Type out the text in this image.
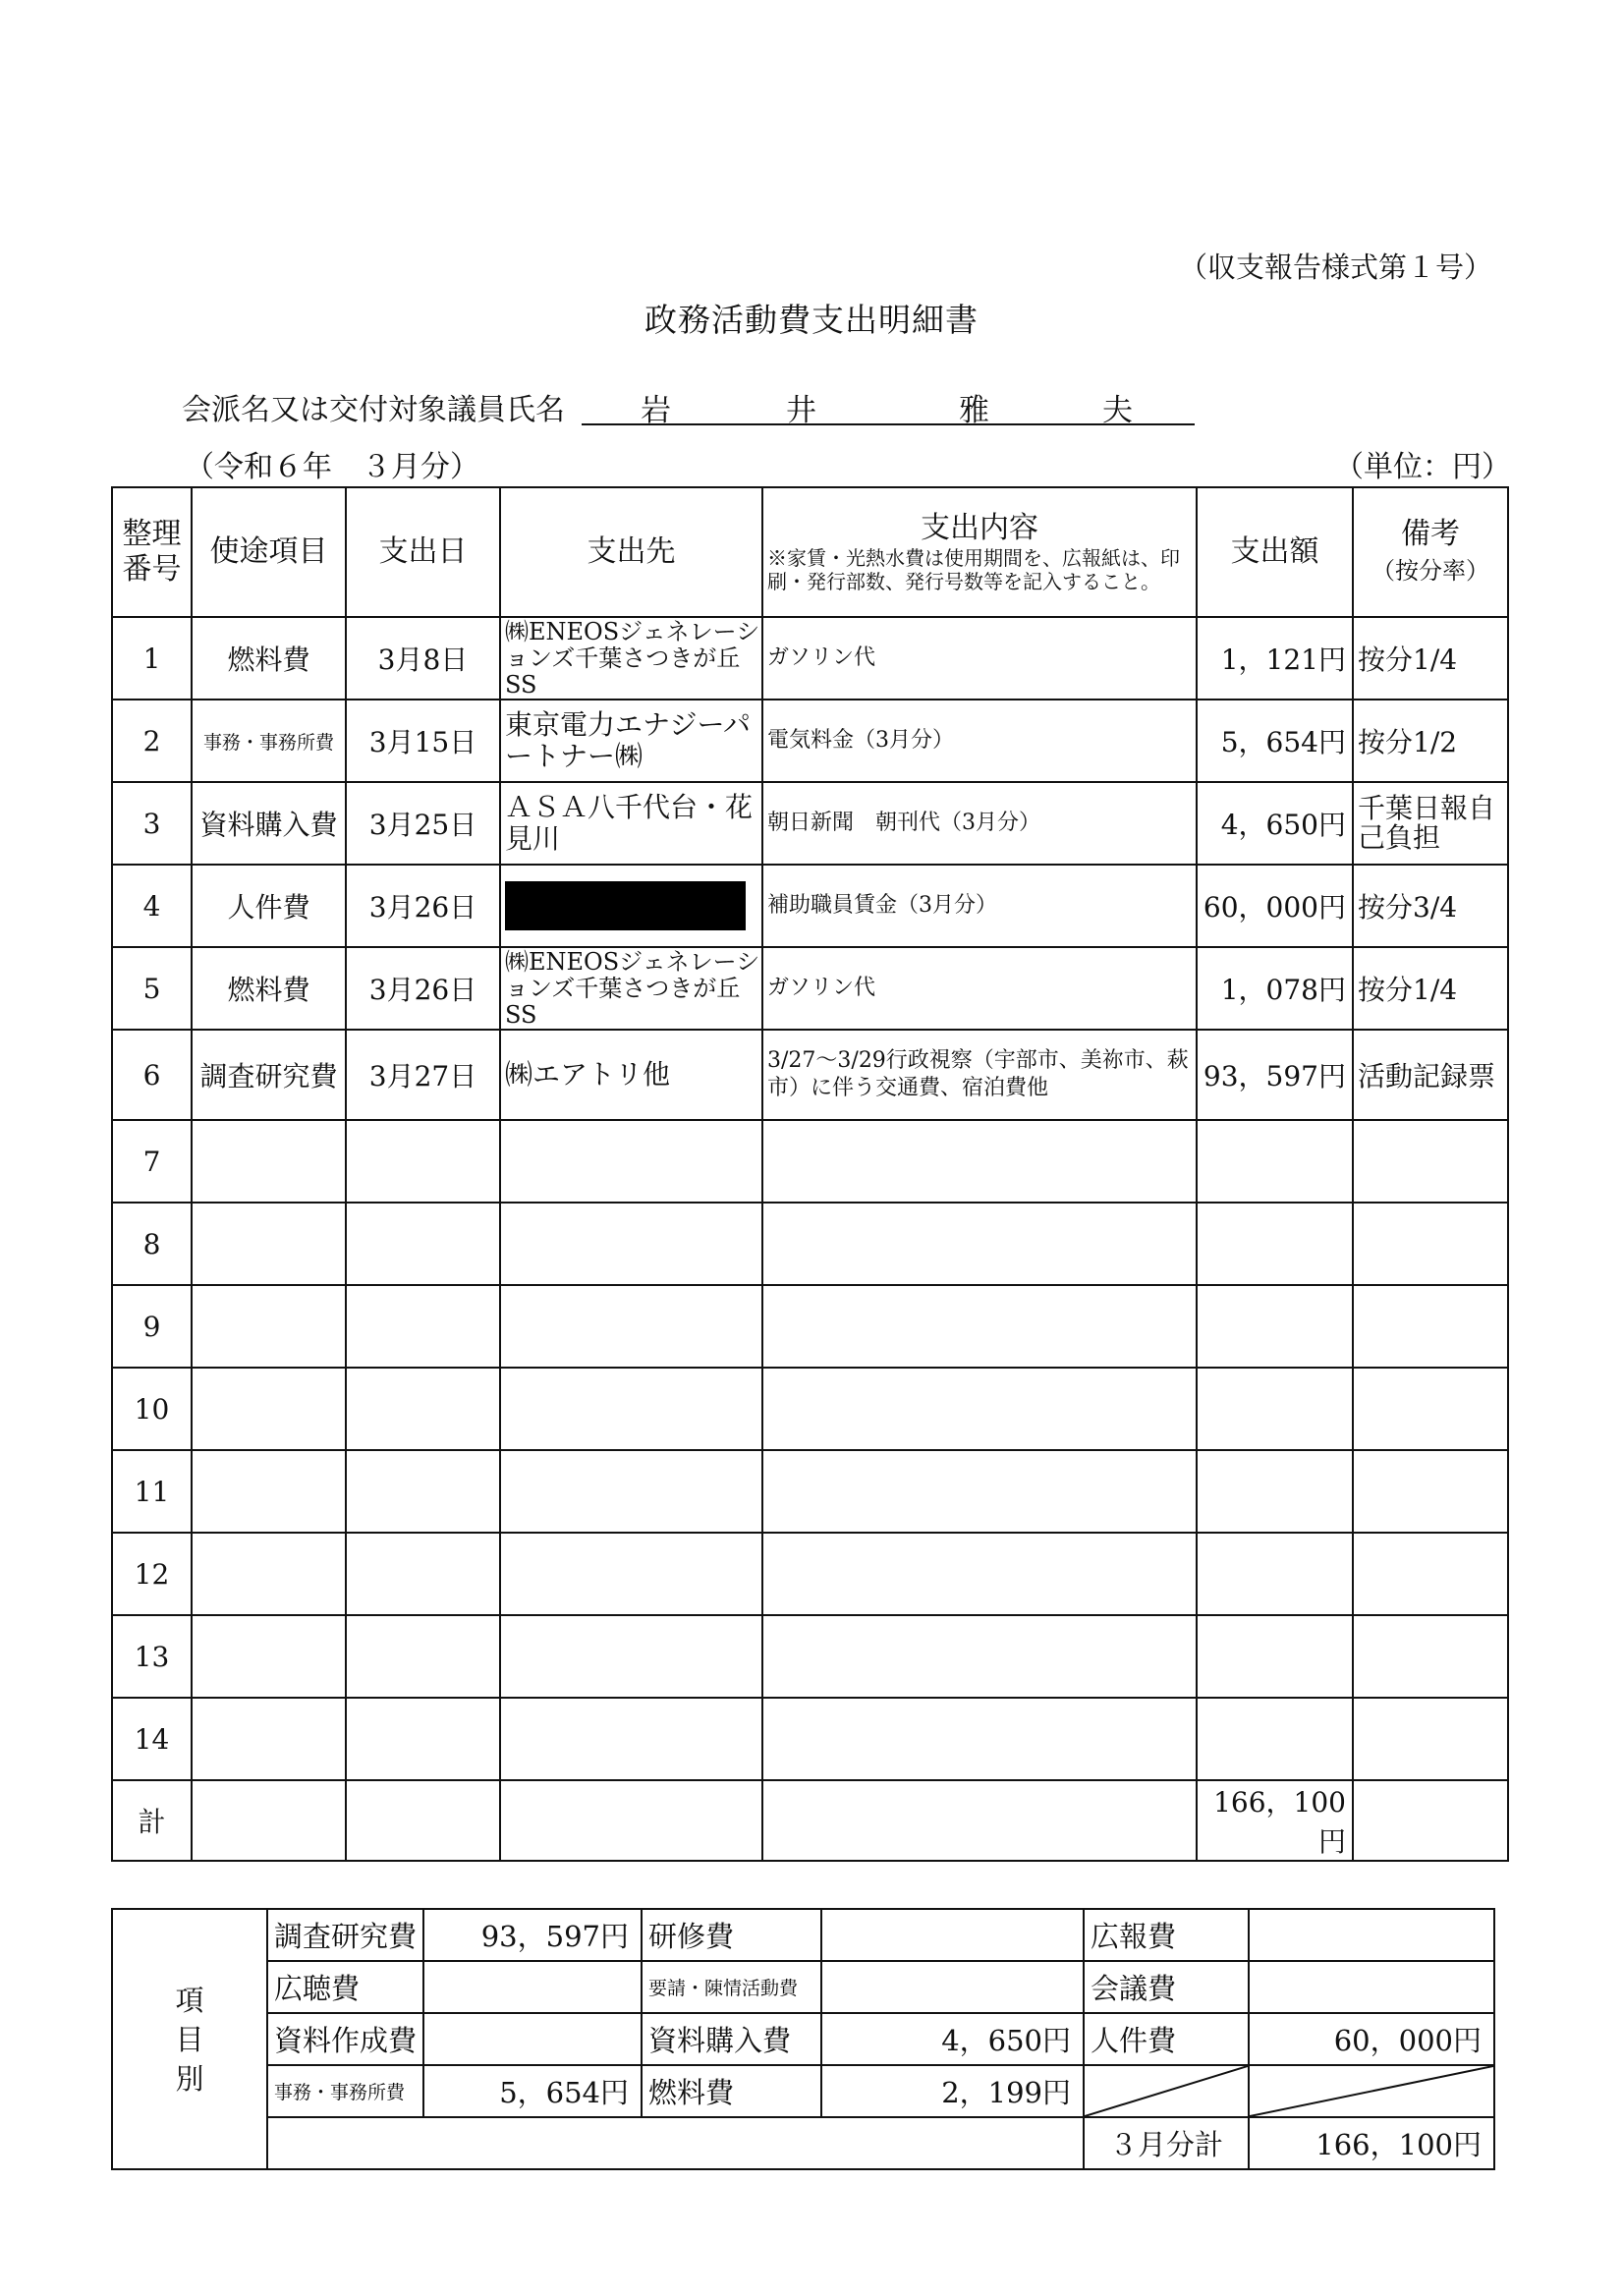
（収支報告様式第１号）
政務活動費支出明細書
会派名又は交付対象議員氏名 岩	井	雅	夫
（令和６年　３月分）	（単位：円）
整理
番号	使途項目	支出日	支出先	支出内容
※家賃・光熱水費は使用期間を、広報紙は、印刷・発行部数、発行号数等を記入すること。	支出額	備考
（按分率）
1	燃料費	3月8日	㈱ENEOSジェネレーションズ千葉さつきが丘SS	ガソリン代	1，121円	按分1/4
2	事務・事務所費	3月15日	東京電力エナジーパートナー㈱	電気料金（3月分）	5，654円	按分1/2
3	資料購入費	3月25日	ＡＳＡ八千代台・花見川	朝日新聞　朝刊代（3月分）	4，650円	千葉日報自己負担
4	人件費	3月26日		補助職員賃金（3月分）	60，000円	按分3/4
5	燃料費	3月26日	㈱ENEOSジェネレーションズ千葉さつきが丘SS	ガソリン代	1，078円	按分1/4
6	調査研究費	3月27日	㈱エアトリ他	3/27～3/29行政視察（宇部市、美祢市、萩市）に伴う交通費、宿泊費他	93，597円	活動記録票
7						
8						
9						
10						
11						
12						
13						
14						
計					166，100円	
項
目
別	調査研究費	93，597円	研修費		広報費	
	広聴費		要請・陳情活動費		会議費	
	資料作成費		資料購入費	4，650円	人件費	60，000円
	事務・事務所費	5，654円	燃料費	2，199円	

					３月分計	166，100円
